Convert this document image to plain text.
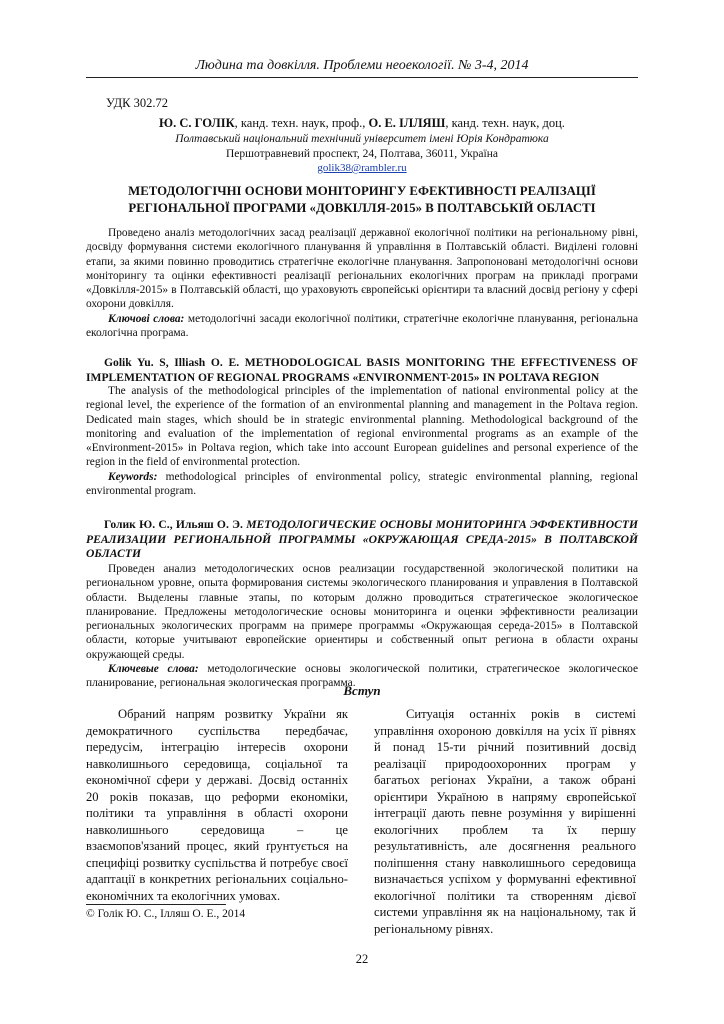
Людина та довкілля. Проблеми неоекології. № 3-4, 2014
УДК 302.72
Ю. С. ГОЛІК, канд. техн. наук, проф., О. Е. ІЛЛЯШ, канд. техн. наук, доц.
Полтавський національний технічний університет імені Юрія Кондратюка
Першотравневий проспект, 24, Полтава, 36011, Україна
golik38@rambler.ru
МЕТОДОЛОГІЧНІ ОСНОВИ МОНІТОРИНГУ ЕФЕКТИВНОСТІ РЕАЛІЗАЦІЇ
РЕГІОНАЛЬНОЇ ПРОГРАМИ «ДОВКІЛЛЯ-2015» В ПОЛТАВСЬКІЙ ОБЛАСТІ

Проведено аналіз методологічних засад реалізації державної екологічної політики на регіональному рівні, досвіду формування системи екологічного планування й управління в Полтавській області. Виділені головні етапи, за якими повинно проводитись стратегічне екологічне планування. Запропоновані методологічні основи моніторингу та оцінки ефективності реалізації регіональних екологічних програм на прикладі програми «Довкілля-2015» в Полтавській області, що ураховують європейські орієнтири та власний досвід регіону у сфері охорони довкілля.

Ключові слова: методологічні засади екологічної політики, стратегічне екологічне планування, регіональна екологічна програма.

Golik Yu. S, Illiash O. E. METHODOLOGICAL BASIS MONITORING THE EFFECTIVENESS OF IMPLEMENTATION OF REGIONAL PROGRAMS «ENVIRONMENT-2015» IN POLTAVA REGION

The analysis of the methodological principles of the implementation of national environmental policy at the regional level, the experience of the formation of an environmental planning and management in the Poltava region. Dedicated main stages, which should be in strategic environmental planning. Methodological background of the monitoring and evaluation of the implementation of regional environmental programs as an example of the «Environment-2015» in Poltava region, which take into account European guidelines and personal experience of the region in the field of environmental protection.

Keywords: methodological principles of environmental policy, strategic environmental planning, regional environmental program.

Голик Ю. С., Ильяш О. Э. МЕТОДОЛОГИЧЕСКИЕ ОСНОВЫ МОНИТОРИНГА ЭФФЕКТИВНОСТИ РЕАЛИЗАЦИИ РЕГИОНАЛЬНОЙ ПРОГРАММЫ «ОКРУЖАЮЩАЯ СРЕДА-2015» В ПОЛТАВСКОЙ ОБЛАСТИ

Проведен анализ методологических основ реализации государственной экологической политики на региональном уровне, опыта формирования системы экологического планирования и управления в Полтавской области. Выделены главные этапы, по которым должно проводиться стратегическое экологическое планирование. Предложены методологические основы мониторинга и оценки эффективности реализации региональных экологических программ на примере программы «Окружающая середа-2015» в Полтавской области, которые учитывают европейские ориентиры и собственный опыт региона в области охраны окружающей среды.

Ключевые слова: методологические основы экологической политики, стратегическое экологическое планирование, региональная экологическая программа.

Вступ

Обраний напрям розвитку України як демократичного суспільства передбачає, передусім, інтеграцію інтересів охорони навколишнього середовища, соціальної та економічної сфери у державі. Досвід останніх 20 років показав, що реформи економіки, політики та управління в області охорони навколишнього середовища – це взаємопов'язаний процес, який ґрунтується на специфіці розвитку суспільства й потребує своєї адаптації в конкретних регіональних соціально-економічних та екологічних умовах.

Ситуація останніх років в системі управління охороною довкілля на усіх її рівнях й понад 15-ти річний позитивний досвід реалізації природоохоронних програм у багатьох регіонах України, а також обрані орієнтири Україною в напряму європейської інтеграції дають певне розуміння у вирішенні екологічних проблем та їх першу результативність, але досягнення реального поліпшення стану навколишнього середовища визначається успіхом у формуванні ефективної екологічної політики та створенням дієвої системи управління як на національному, так й регіональному рівнях.

© Голік Ю. С., Ілляш О. Е., 2014
22
